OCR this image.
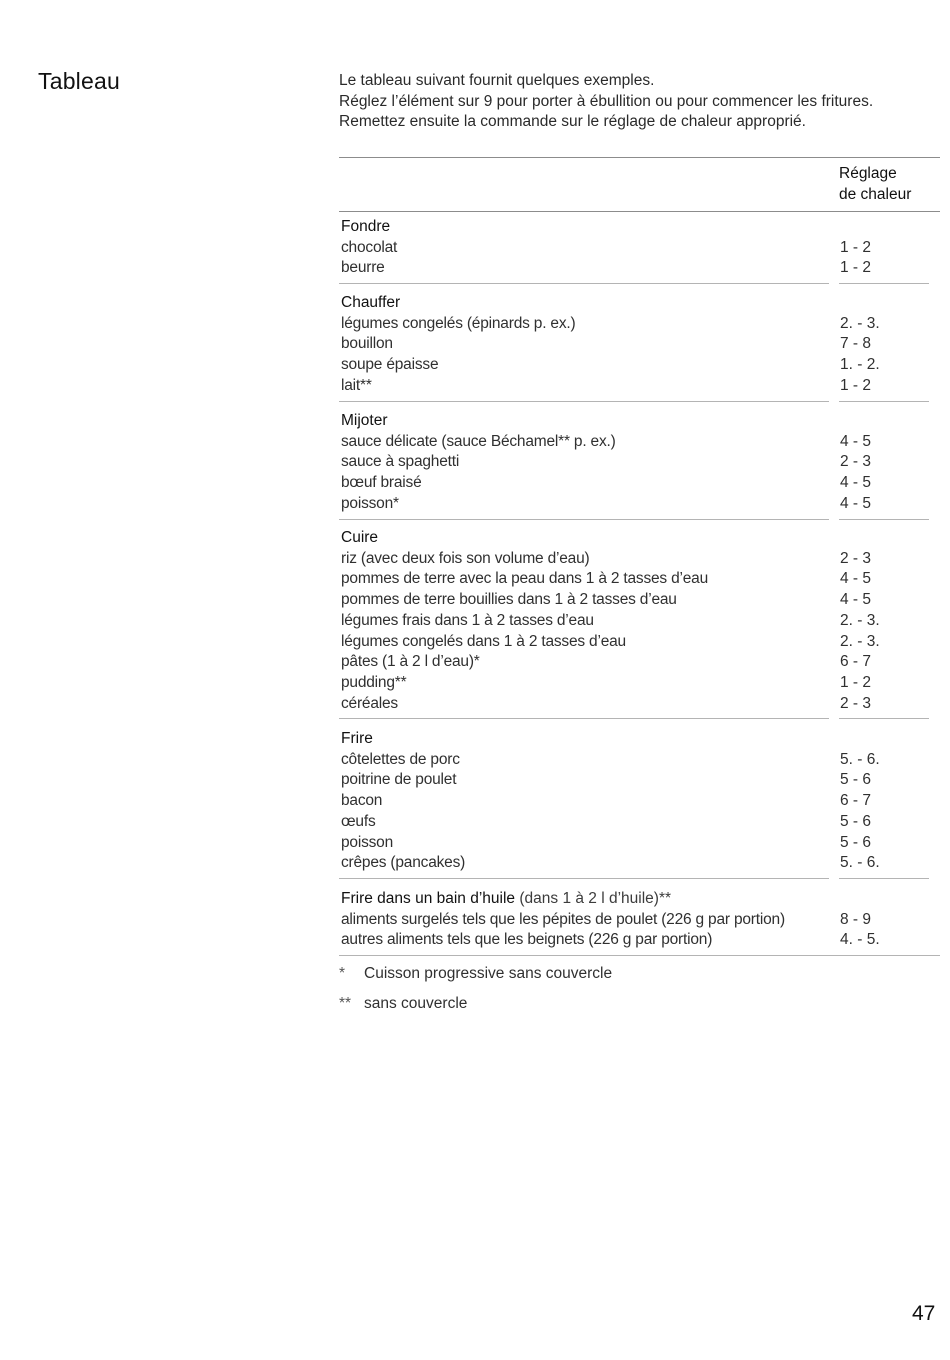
Tableau	Le tableau suivant fournit quelques exemples.
Réglez l’élément sur 9 pour porter à ébullition ou pour commencer les fritures.
Remettez ensuite la commande sur le réglage de chaleur approprié.
Réglage
de chaleur
Fondre
chocolat	1 - 2
beurre	1 - 2
Chauffer
légumes congelés (épinards p. ex.)	2. - 3.
bouillon	7 - 8
soupe épaisse	1. - 2.
lait**	1 - 2
Mijoter
sauce délicate (sauce Béchamel** p. ex.)	4 - 5
sauce à spaghetti	2 - 3
bœuf braisé	4 - 5
poisson*	4 - 5
Cuire
riz (avec deux fois son volume d’eau)	2 - 3
pommes de terre avec la peau dans 1 à 2 tasses d’eau	4 - 5
pommes de terre bouillies dans 1 à 2 tasses d’eau	4 - 5
légumes frais dans 1 à 2 tasses d’eau	2. - 3.
légumes congelés dans 1 à 2 tasses d’eau	2. - 3.
pâtes (1 à 2 l d’eau)*	6 - 7
pudding**	1 - 2
céréales	2 - 3
Frire
côtelettes de porc	5. - 6.
poitrine de poulet	5 - 6
bacon	6 - 7
œufs	5 - 6
poisson	5 - 6
crêpes (pancakes)	5. - 6.
Frire dans un bain d’huile (dans 1 à 2 l d’huile)**
aliments surgelés tels que les pépites de poulet (226 g par portion)	8 - 9
autres aliments tels que les beignets (226 g par portion)	4. - 5.
* Cuisson progressive sans couvercle
** sans couvercle
47
